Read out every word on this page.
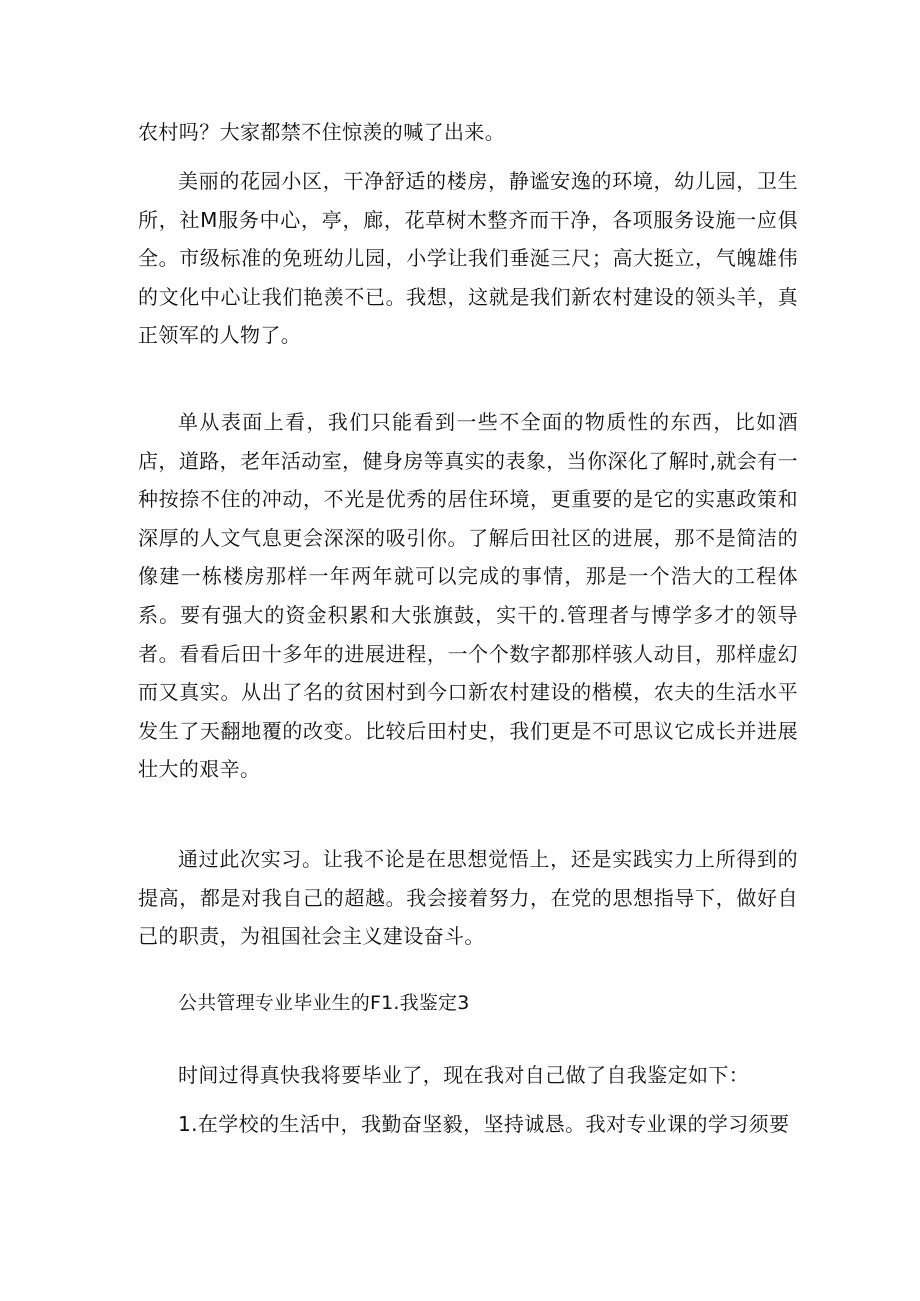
农村吗？大家都禁不住惊羡的喊了出来。

美丽的花园小区，干净舒适的楼房，静谧安逸的环境，幼儿园，卫生所，社M服务中心，亭，廊，花草树木整齐而干净，各项服务设施一应俱全。市级标准的免班幼儿园，小学让我们垂涎三尺；高大挺立，气魄雄伟的文化中心让我们艳羡不已。我想，这就是我们新农村建设的领头羊，真正领军的人物了。

单从表面上看，我们只能看到一些不全面的物质性的东西，比如酒店，道路，老年活动室，健身房等真实的表象，当你深化了解时,就会有一种按捺不住的冲动，不光是优秀的居住环境，更重要的是它的实惠政策和深厚的人文气息更会深深的吸引你。了解后田社区的进展，那不是简洁的像建一栋楼房那样一年两年就可以完成的事情，那是一个浩大的工程体系。要有强大的资金积累和大张旗鼓，实干的.管理者与博学多才的领导者。看看后田十多年的进展进程，一个个数字都那样骇人动目，那样虚幻而又真实。从出了名的贫困村到今口新农村建设的楷模，农夫的生活水平发生了天翻地覆的改变。比较后田村史，我们更是不可思议它成长并进展壮大的艰辛。

通过此次实习。让我不论是在思想觉悟上，还是实践实力上所得到的提高，都是对我自己的超越。我会接着努力，在党的思想指导下，做好自己的职责，为祖国社会主义建设奋斗。

公共管理专业毕业生的F1.我鉴定3

时间过得真快我将要毕业了，现在我对自己做了自我鉴定如下：

1.在学校的生活中，我勤奋坚毅，坚持诚恳。我对专业课的学习须要
